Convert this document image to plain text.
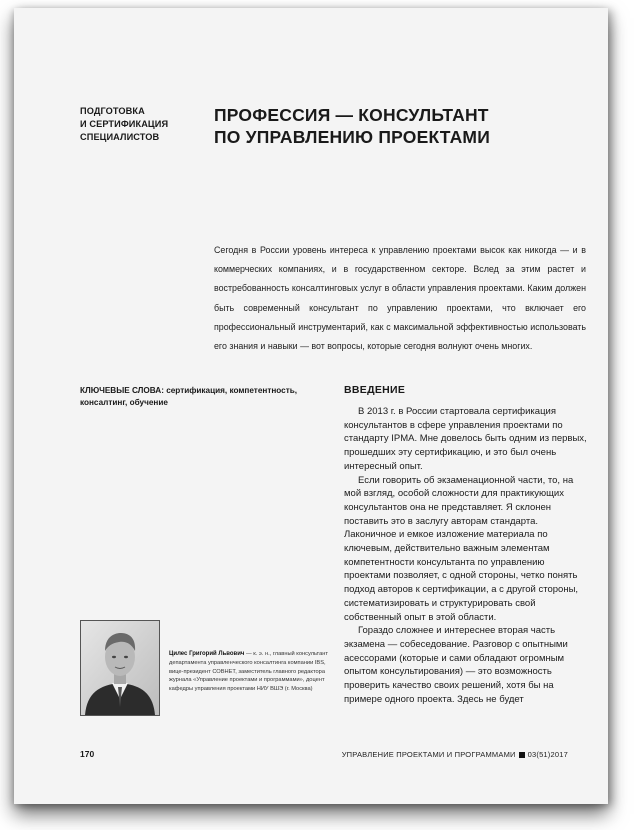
ПОДГОТОВКА
И СЕРТИФИКАЦИЯ
СПЕЦИАЛИСТОВ
ПРОФЕССИЯ — КОНСУЛЬТАНТ
ПО УПРАВЛЕНИЮ ПРОЕКТАМИ
Сегодня в России уровень интереса к управлению проектами высок как никогда — и в коммерческих компаниях, и в государственном секторе. Вслед за этим растет и востребованность консалтинговых услуг в области управления проектами. Каким должен быть современный консультант по управлению проектами, что включает его профессиональный инструментарий, как с максимальной эффективностью использовать его знания и навыки — вот вопросы, которые сегодня волнуют очень многих.
КЛЮЧЕВЫЕ СЛОВА: сертификация, компетентность, консалтинг, обучение
ВВЕДЕНИЕ

В 2013 г. в России стартовала сертификация консультантов в сфере управления проектами по стандарту IPMA. Мне довелось быть одним из первых, прошедших эту сертификацию, и это был очень интересный опыт.

Если говорить об экзаменационной части, то, на мой взгляд, особой сложности для практикующих консультантов она не представляет. Я склонен поставить это в заслугу авторам стандарта. Лаконичное и емкое изложение материала по ключевым, действительно важным элементам компетентности консультанта по управлению проектами позволяет, с одной стороны, четко понять подход авторов к сертификации, а с другой стороны, систематизировать и структурировать свой собственный опыт в этой области.

Гораздо сложнее и интереснее вторая часть экзамена — собеседование. Разговор с опытными асессорами (которые и сами обладают огромным опытом консультирования) — это возможность проверить качество своих решений, хотя бы на примере одного проекта. Здесь не будет

Цилес Григорий Львович — к. э. н., главный консультант департамента управленческого консалтинга компании IBS, вице-президент СОВНЕТ, заместитель главного редактора журнала «Управление проектами и программами», доцент кафедры управления проектами НИУ ВШЭ (г. Москва)
170	УПРАВЛЕНИЕ ПРОЕКТАМИ И ПРОГРАММАМИ 03(51)2017
